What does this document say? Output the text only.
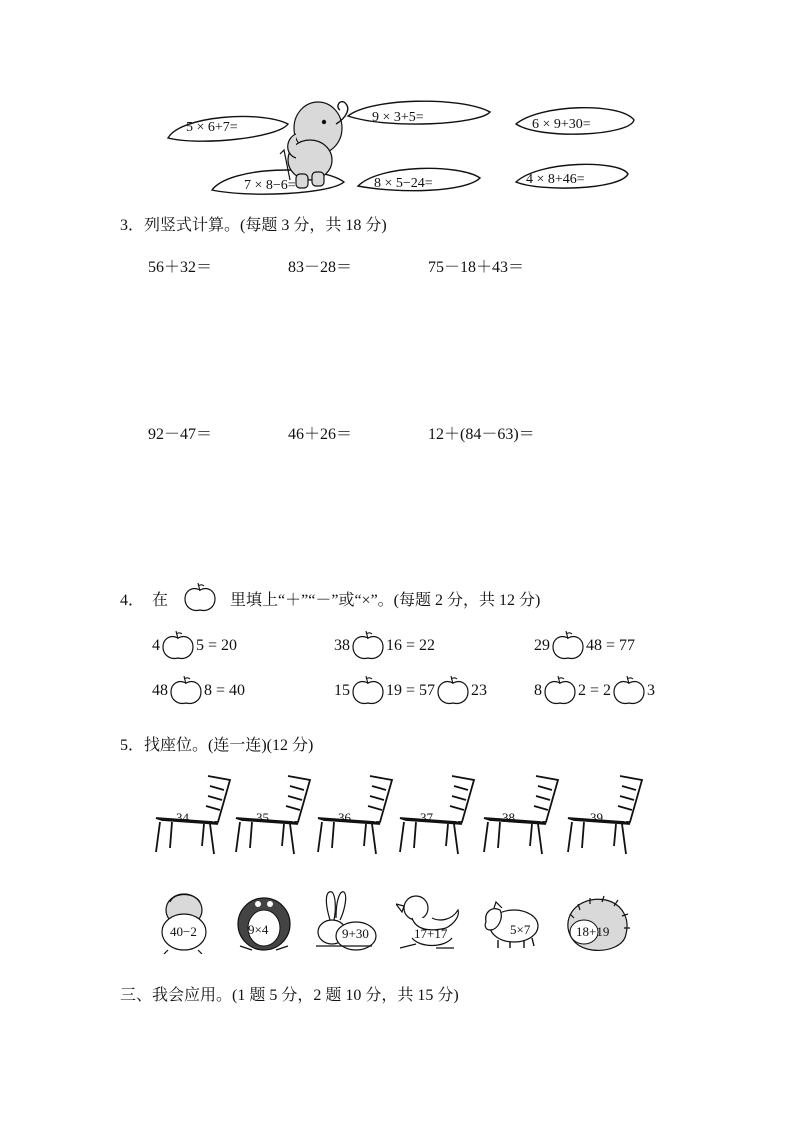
5 × 6+7=
9 × 3+5=	6 × 9+30=
7 × 8−6=	8 × 5−24=	4 × 8+46=
3．列竖式计算。(每题 3 分，共 18 分)
56＋32＝	83－28＝	75－18＋43＝
92－47＝	46＋26＝	12＋(84－63)＝
4． 在	里填上“＋”“－”或“×”。(每题 2 分，共 12 分)
4 5 = 20	38 16 = 22	29 48 = 77
48 8 = 40	15 19 = 57 23	8 2 = 2 3
5．找座位。(连一连)(12 分)
34	35	36	37	38	39
40−2	9×4	9+30	17+17	5×7	18+19
三、我会应用。(1 题 5 分，2 题 10 分，共 15 分)
